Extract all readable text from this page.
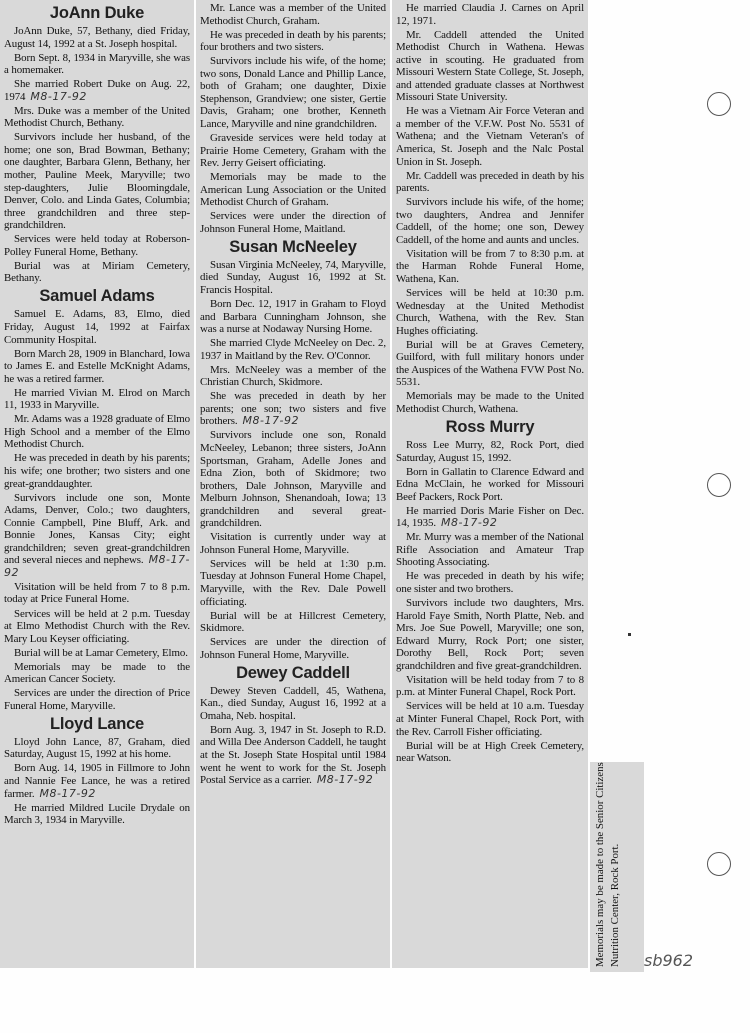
JoAnn Duke
JoAnn Duke, 57, Bethany, died Friday, August 14, 1992 at a St. Joseph hospital.
Born Sept. 8, 1934 in Maryville, she was a homemaker.
She married Robert Duke on Aug. 22, 1974 M8-17-92
Mrs. Duke was a member of the United Methodist Church, Bethany.
Survivors include her husband, of the home; one son, Brad Bowman, Bethany; one daughter, Barbara Glenn, Bethany, her mother, Pauline Meek, Maryville; two step-daughters, Julie Bloomingdale, Denver, Colo. and Linda Gates, Columbia; three grandchildren and three step-grandchildren.
Services were held today at Roberson-Polley Funeral Home, Bethany.
Burial was at Miriam Cemetery, Bethany.
Samuel Adams
Samuel E. Adams, 83, Elmo, died Friday, August 14, 1992 at Fairfax Community Hospital.
Born March 28, 1909 in Blanchard, Iowa to James E. and Estelle McKnight Adams, he was a retired farmer.
He married Vivian M. Elrod on March 11, 1933 in Maryville.
Mr. Adams was a 1928 graduate of Elmo High School and a member of the Elmo Methodist Church.
He was preceded in death by his parents; his wife; one brother; two sisters and one great-granddaughter.
Survivors include one son, Monte Adams, Denver, Colo.; two daughters, Connie Campbell, Pine Bluff, Ark. and Bonnie Jones, Kansas City; eight grandchildren; seven great-grandchildren and several nieces and nephews. M8-17-92
Visitation will be held from 7 to 8 p.m. today at Price Funeral Home.
Services will be held at 2 p.m. Tuesday at Elmo Methodist Church with the Rev. Mary Lou Keyser officiating.
Burial will be at Lamar Cemetery, Elmo.
Memorials may be made to the American Cancer Society.
Services are under the direction of Price Funeral Home, Maryville.
Lloyd Lance
Lloyd John Lance, 87, Graham, died Saturday, August 15, 1992 at his home.
Born Aug. 14, 1905 in Fillmore to John and Nannie Fee Lance, he was a retired farmer. M8-17-92
He married Mildred Lucile Drydale on March 3, 1934 in Maryville.
Mr. Lance was a member of the United Methodist Church, Graham.
He was preceded in death by his parents; four brothers and two sisters.
Survivors include his wife, of the home; two sons, Donald Lance and Phillip Lance, both of Graham; one daughter, Dixie Stephenson, Grandview; one sister, Gertie Davis, Graham; one brother, Kenneth Lance, Maryville and nine grandchildren.
Graveside services were held today at Prairie Home Cemetery, Graham with the Rev. Jerry Geisert officiating.
Memorials may be made to the American Lung Association or the United Methodist Church of Graham.
Services were under the direction of Johnson Funeral Home, Maitland.
Susan McNeeley
Susan Virginia McNeeley, 74, Maryville, died Sunday, August 16, 1992 at St. Francis Hospital.
Born Dec. 12, 1917 in Graham to Floyd and Barbara Cunningham Johnson, she was a nurse at Nodaway Nursing Home.
She married Clyde McNeeley on Dec. 2, 1937 in Maitland by the Rev. O'Connor.
Mrs. McNeeley was a member of the Christian Church, Skidmore.
She was preceded in death by her parents; one son; two sisters and five brothers. M8-17-92
Survivors include one son, Ronald McNeeley, Lebanon; three sisters, JoAnn Sportsman, Graham, Adelle Jones and Edna Zion, both of Skidmore; two brothers, Dale Johnson, Maryville and Melburn Johnson, Shenandoah, Iowa; 13 grandchildren and several great-grandchildren.
Visitation is currently under way at Johnson Funeral Home, Maryville.
Services will be held at 1:30 p.m. Tuesday at Johnson Funeral Home Chapel, Maryville, with the Rev. Dale Powell officiating.
Burial will be at Hillcrest Cemetery, Skidmore.
Services are under the direction of Johnson Funeral Home, Maryville.
Dewey Caddell
Dewey Steven Caddell, 45, Wathena, Kan., died Sunday, August 16, 1992 at a Omaha, Neb. hospital.
Born Aug. 3, 1947 in St. Joseph to R.D. and Willa Dee Anderson Caddell, he taught at the St. Joseph State Hospital until 1984 went he went to work for the St. Joseph Postal Service as a carrier. M8-17-92
He married Claudia J. Carnes on April 12, 1971.
Mr. Caddell attended the United Methodist Church in Wathena. Hewas active in scouting. He graduated from Missouri Western State College, St. Joseph, and attended graduate classes at Northwest Missouri State University.
He was a Vietnam Air Force Veteran and a member of the V.F.W. Post No. 5531 of Wathena; and the Vietnam Veteran's of America, St. Joseph and the Nalc Postal Union in St. Joseph.
Mr. Caddell was preceded in death by his parents.
Survivors include his wife, of the home; two daughters, Andrea and Jennifer Caddell, of the home; one son, Dewey Caddell, of the home and aunts and uncles.
Visitation will be from 7 to 8:30 p.m. at the Harman Rohde Funeral Home, Wathena, Kan.
Services will be held at 10:30 p.m. Wednesday at the United Methodist Church, Wathena, with the Rev. Stan Hughes officiating.
Burial will be at Graves Cemetery, Guilford, with full military honors under the Auspices of the Wathena FVW Post No. 5531.
Memorials may be made to the United Methodist Church, Wathena.
Ross Murry
Ross Lee Murry, 82, Rock Port, died Saturday, August 15, 1992.
Born in Gallatin to Clarence Edward and Edna McClain, he worked for Missouri Beef Packers, Rock Port.
He married Doris Marie Fisher on Dec. 14, 1935. M8-17-92
Mr. Murry was a member of the National Rifle Association and Amateur Trap Shooting Associating.
He was preceded in death by his wife; one sister and two brothers.
Survivors include two daughters, Mrs. Harold Faye Smith, North Platte, Neb. and Mrs. Joe Sue Powell, Maryville; one son, Edward Murry, Rock Port; one sister, Dorothy Bell, Rock Port; seven grandchildren and five great-grandchildren.
Visitation will be held today from 7 to 8 p.m. at Minter Funeral Chapel, Rock Port.
Services will be held at 10 a.m. Tuesday at Minter Funeral Chapel, Rock Port, with the Rev. Carroll Fisher officiating.
Burial will be at High Creek Cemetery, near Watson.
Memorials may be made to the Senior Citizens Nutrition Center, Rock Port. sb962
